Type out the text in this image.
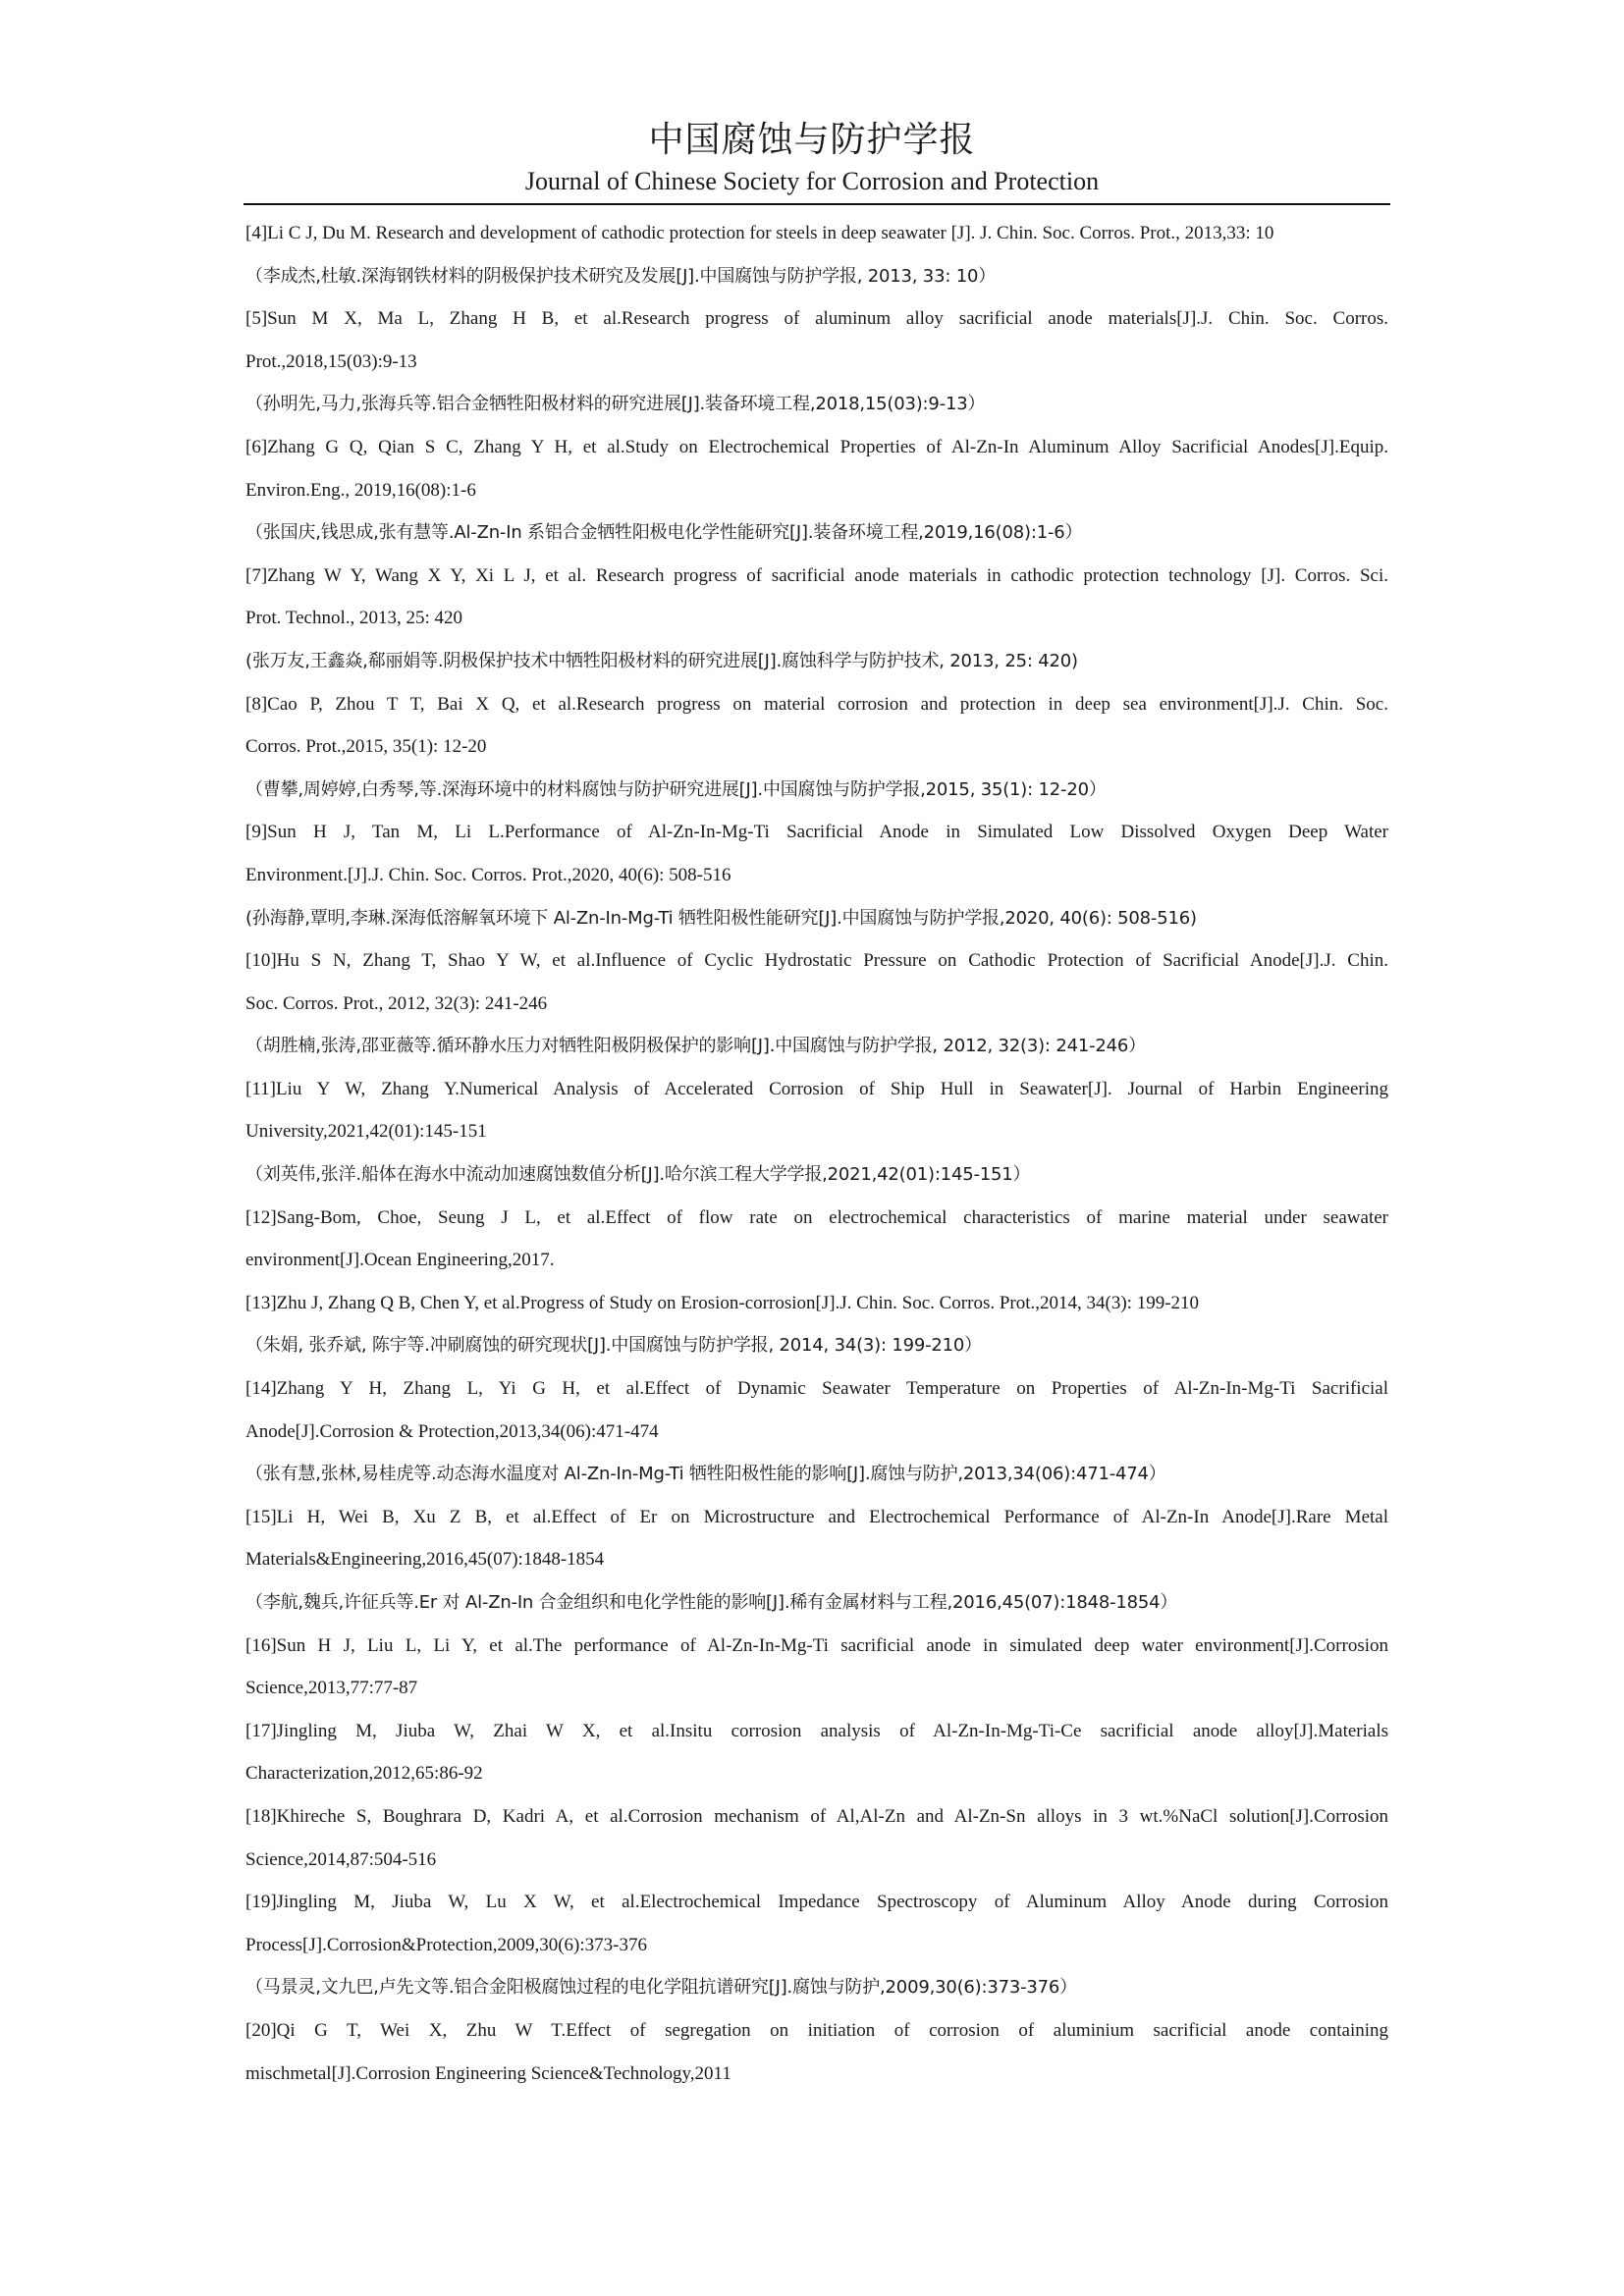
中国腐蚀与防护学报
Journal of Chinese Society for Corrosion and Protection
[4]Li C J, Du M. Research and development of cathodic protection for steels in deep seawater [J]. J. Chin. Soc. Corros. Prot., 2013,33: 10
（李成杰,杜敏.深海钢铁材料的阴极保护技术研究及发展[J].中国腐蚀与防护学报, 2013, 33: 10）
[5]Sun M X, Ma L, Zhang H B, et al.Research progress of aluminum alloy sacrificial anode materials[J].J. Chin. Soc. Corros.
Prot.,2018,15(03):9-13
（孙明先,马力,张海兵等.铝合金牺牲阳极材料的研究进展[J].装备环境工程,2018,15(03):9-13）
[6]Zhang G Q, Qian S C, Zhang Y H, et al.Study on Electrochemical Properties of Al-Zn-In Aluminum Alloy Sacrificial Anodes[J].Equip.
Environ.Eng., 2019,16(08):1-6
（张国庆,钱思成,张有慧等.Al-Zn-In 系铝合金牺牲阳极电化学性能研究[J].装备环境工程,2019,16(08):1-6）
[7]Zhang W Y, Wang X Y, Xi L J, et al. Research progress of sacrificial anode materials in cathodic protection technology [J]. Corros. Sci.
Prot. Technol., 2013, 25: 420
(张万友,王鑫焱,郗丽娟等.阴极保护技术中牺牲阳极材料的研究进展[J].腐蚀科学与防护技术, 2013, 25: 420)
[8]Cao P, Zhou T T, Bai X Q, et al.Research progress on material corrosion and protection in deep sea environment[J].J. Chin. Soc.
Corros. Prot.,2015, 35(1): 12-20
（曹攀,周婷婷,白秀琴,等.深海环境中的材料腐蚀与防护研究进展[J].中国腐蚀与防护学报,2015, 35(1): 12-20）
[9]Sun H J, Tan M, Li L.Performance of Al-Zn-In-Mg-Ti Sacrificial Anode in Simulated Low Dissolved Oxygen Deep Water
Environment.[J].J. Chin. Soc. Corros. Prot.,2020, 40(6): 508-516
(孙海静,覃明,李琳.深海低溶解氧环境下 Al-Zn-In-Mg-Ti 牺牲阳极性能研究[J].中国腐蚀与防护学报,2020, 40(6): 508-516)
[10]Hu S N, Zhang T, Shao Y W, et al.Influence of Cyclic Hydrostatic Pressure on Cathodic Protection of Sacrificial Anode[J].J. Chin.
Soc. Corros. Prot., 2012, 32(3): 241-246
（胡胜楠,张涛,邵亚薇等.循环静水压力对牺牲阳极阴极保护的影响[J].中国腐蚀与防护学报, 2012, 32(3): 241-246）
[11]Liu Y W, Zhang Y.Numerical Analysis of Accelerated Corrosion of Ship Hull in Seawater[J]. Journal of Harbin Engineering
University,2021,42(01):145-151
（刘英伟,张洋.船体在海水中流动加速腐蚀数值分析[J].哈尔滨工程大学学报,2021,42(01):145-151）
[12]Sang-Bom, Choe, Seung J L, et al.Effect of flow rate on electrochemical characteristics of marine material under seawater
environment[J].Ocean Engineering,2017.
[13]Zhu J, Zhang Q B, Chen Y, et al.Progress of Study on Erosion-corrosion[J].J. Chin. Soc. Corros. Prot.,2014, 34(3): 199-210
（朱娟, 张乔斌, 陈宇等.冲刷腐蚀的研究现状[J].中国腐蚀与防护学报, 2014, 34(3): 199-210）
[14]Zhang Y H, Zhang L, Yi G H, et al.Effect of Dynamic Seawater Temperature on Properties of Al-Zn-In-Mg-Ti Sacrificial
Anode[J].Corrosion & Protection,2013,34(06):471-474
（张有慧,张林,易桂虎等.动态海水温度对 Al-Zn-In-Mg-Ti 牺牲阳极性能的影响[J].腐蚀与防护,2013,34(06):471-474）
[15]Li H, Wei B, Xu Z B, et al.Effect of Er on Microstructure and Electrochemical Performance of Al-Zn-In Anode[J].Rare Metal
Materials&Engineering,2016,45(07):1848-1854
（李航,魏兵,许征兵等.Er 对 Al-Zn-In 合金组织和电化学性能的影响[J].稀有金属材料与工程,2016,45(07):1848-1854）
[16]Sun H J, Liu L, Li Y, et al.The performance of Al-Zn-In-Mg-Ti sacrificial anode in simulated deep water environment[J].Corrosion
Science,2013,77:77-87
[17]Jingling M, Jiuba W, Zhai W X, et al.Insitu corrosion analysis of Al-Zn-In-Mg-Ti-Ce sacrificial anode alloy[J].Materials
Characterization,2012,65:86-92
[18]Khireche S, Boughrara D, Kadri A, et al.Corrosion mechanism of Al,Al-Zn and Al-Zn-Sn alloys in 3 wt.%NaCl solution[J].Corrosion
Science,2014,87:504-516
[19]Jingling M, Jiuba W, Lu X W, et al.Electrochemical Impedance Spectroscopy of Aluminum Alloy Anode during Corrosion
Process[J].Corrosion&Protection,2009,30(6):373-376
（马景灵,文九巴,卢先文等.铝合金阳极腐蚀过程的电化学阻抗谱研究[J].腐蚀与防护,2009,30(6):373-376）
[20]Qi G T, Wei X, Zhu W T.Effect of segregation on initiation of corrosion of aluminium sacrificial anode containing
mischmetal[J].Corrosion Engineering Science&Technology,2011
